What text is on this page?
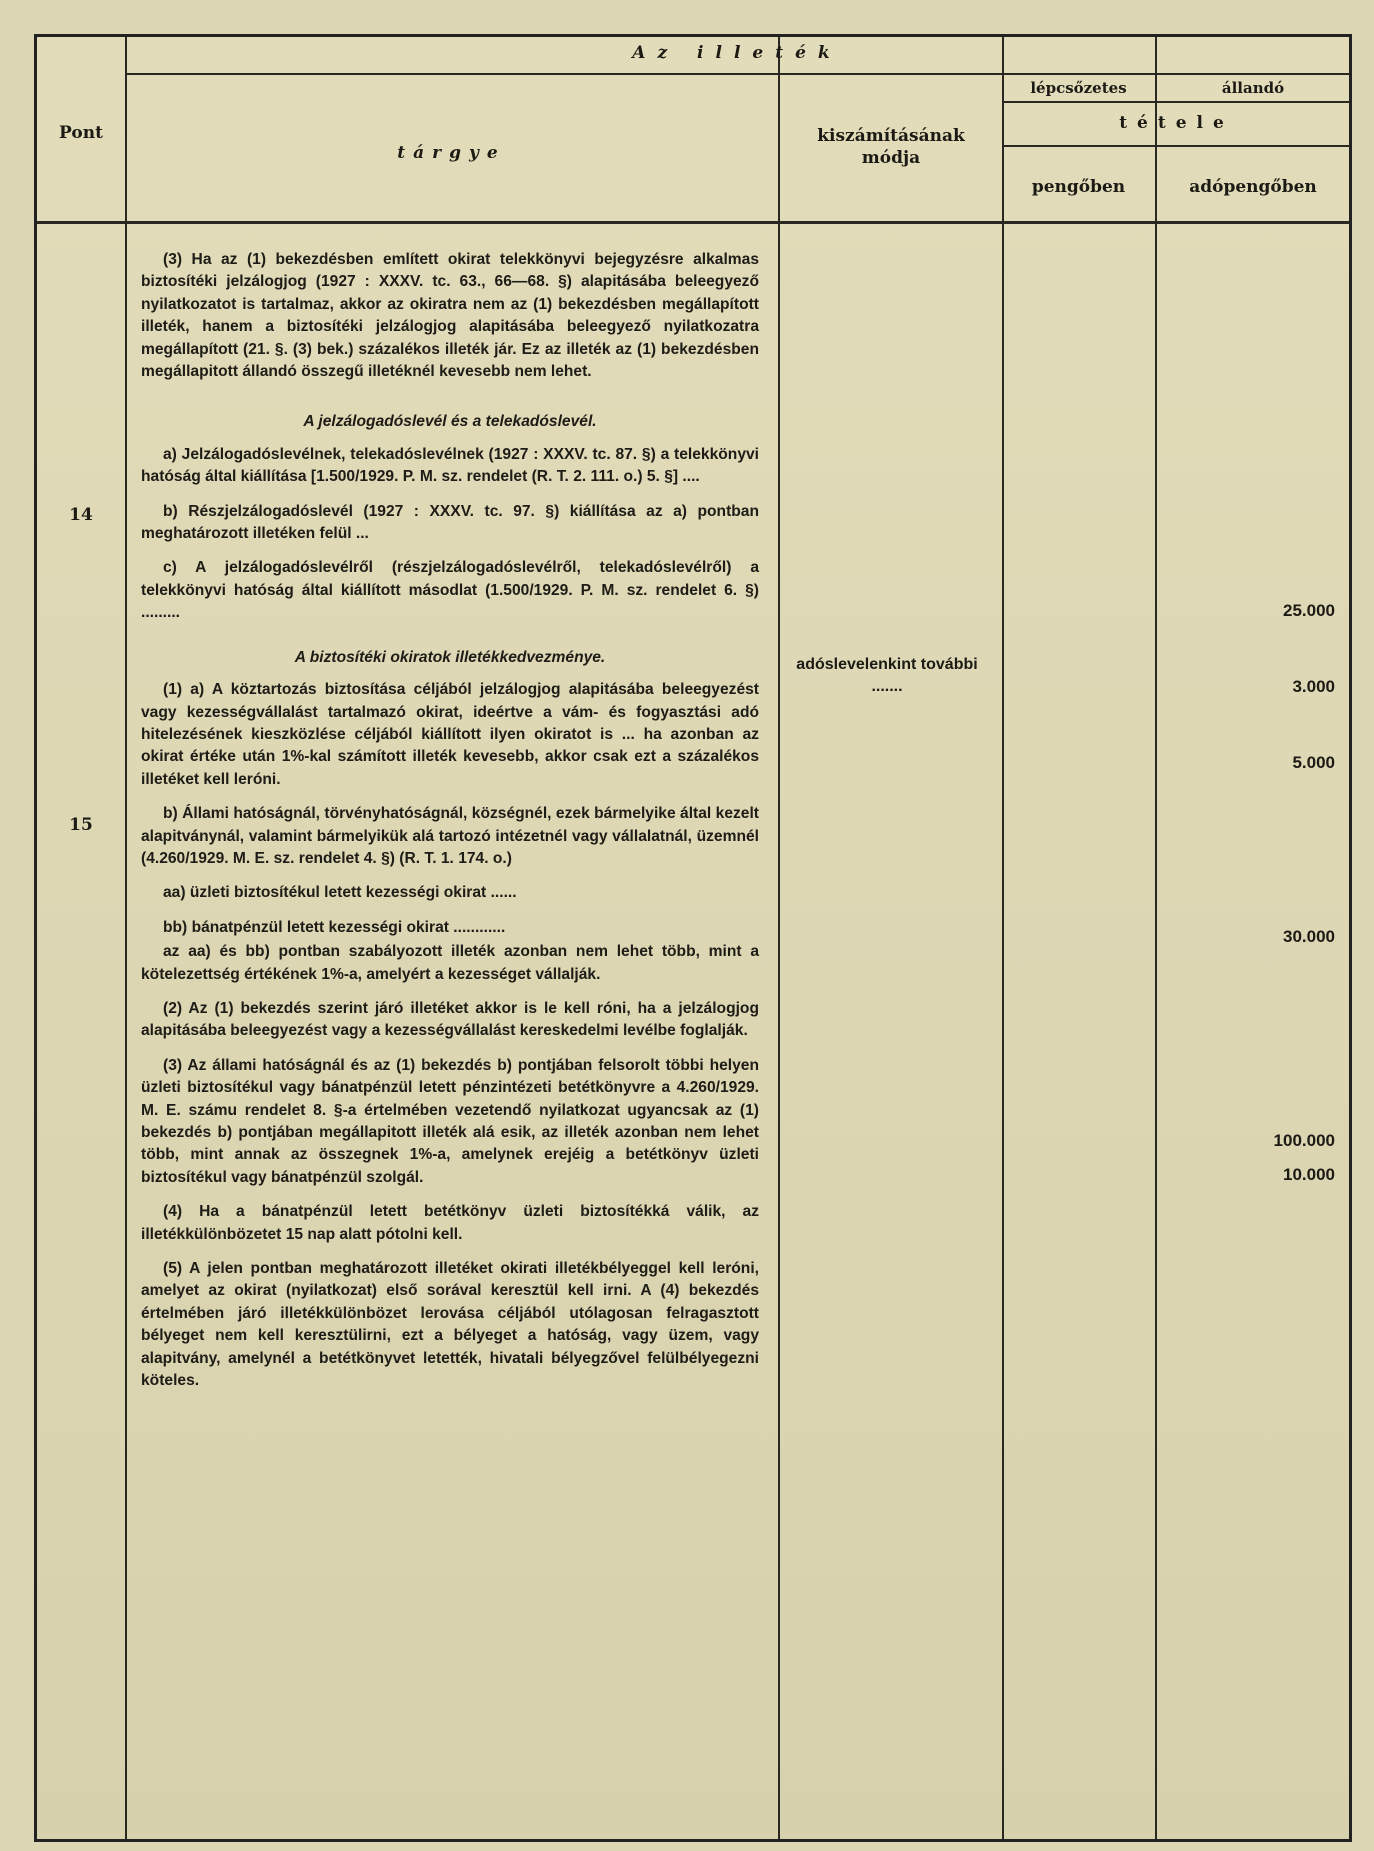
Az illeték
Pont
tárgye
kiszámításának módja
lépcsőzetes	állandó
tétele
pengőben	adópengőben
14
15

(3) Ha az (1) bekezdésben említett okirat telekkönyvi bejegyzésre alkalmas biztosítéki jelzálogjog (1927 : XXXV. tc. 63., 66—68. §) alapitásába beleegyező nyilatkozatot is tartalmaz, akkor az okiratra nem az (1) bekezdésben megállapított illeték, hanem a biztosítéki jelzálogjog alapitásába beleegyező nyilatkozatra megállapított (21. §. (3) bek.) százalékos illeték jár. Ez az illeték az (1) bekezdésben megállapitott állandó összegű illetéknél kevesebb nem lehet.

A jelzálogadóslevél és a telekadóslevél.

a) Jelzálogadóslevélnek, telekadóslevélnek (1927 : XXXV. tc. 87. §) a telekkönyvi hatóság által kiállítása [1.500/1929. P. M. sz. rendelet (R. T. 2. 111. o.) 5. §] ....

b) Részjelzálogadóslevél (1927 : XXXV. tc. 97. §) kiállítása az a) pontban meghatározott illetéken felül ...

c) A jelzálogadóslevélről (részjelzálogadóslevélről, telekadóslevélről) a telekkönyvi hatóság által kiállított másodlat (1.500/1929. P. M. sz. rendelet 6. §) .........

A biztosítéki okiratok illetékkedvezménye.

(1) a) A köztartozás biztosítása céljából jelzálogjog alapitásába beleegyezést vagy kezességvállalást tartalmazó okirat, ideértve a vám- és fogyasztási adó hitelezésének kieszközlése céljából kiállított ilyen okiratot is ... ha azonban az okirat értéke után 1%-kal számított illeték kevesebb, akkor csak ezt a százalékos illetéket kell leróni.

b) Állami hatóságnál, törvényhatóságnál, községnél, ezek bármelyike által kezelt alapitványnál, valamint bármelyikük alá tartozó intézetnél vagy vállalatnál, üzemnél (4.260/1929. M. E. sz. rendelet 4. §) (R. T. 1. 174. o.)

aa) üzleti biztosítékul letett kezességi okirat ......

bb) bánatpénzül letett kezességi okirat ............

az aa) és bb) pontban szabályozott illeték azonban nem lehet több, mint a kötelezettség értékének 1%-a, amelyért a kezességet vállalják.

(2) Az (1) bekezdés szerint járó illetéket akkor is le kell róni, ha a jelzálogjog alapitásába beleegyezést vagy a kezességvállalást kereskedelmi levélbe foglalják.

(3) Az állami hatóságnál és az (1) bekezdés b) pontjában felsorolt többi helyen üzleti biztosítékul vagy bánatpénzül letett pénzintézeti betétkönyvre a 4.260/1929. M. E. számu rendelet 8. §-a értelmében vezetendő nyilatkozat ugyancsak az (1) bekezdés b) pontjában megállapitott illeték alá esik, az illeték azonban nem lehet több, mint annak az összegnek 1%-a, amelynek erejéig a betétkönyv üzleti biztosítékul vagy bánatpénzül szolgál.

(4) Ha a bánatpénzül letett betétkönyv üzleti biztosítékká válik, az illetékkülönbözetet 15 nap alatt pótolni kell.

(5) A jelen pontban meghatározott illetéket okirati illetékbélyeggel kell leróni, amelyet az okirat (nyilatkozat) első sorával keresztül kell irni. A (4) bekezdés értelmében járó illetékkülönbözet lerovása céljából utólagosan felragasztott bélyeget nem kell keresztülirni, ezt a bélyeget a hatóság, vagy üzem, vagy alapitvány, amelynél a betétkönyvet letették, hivatali bélyegzővel felülbélyegezni köteles.

adóslevelenkint további .......
25.000
3.000
5.000
30.000
100.000
10.000
